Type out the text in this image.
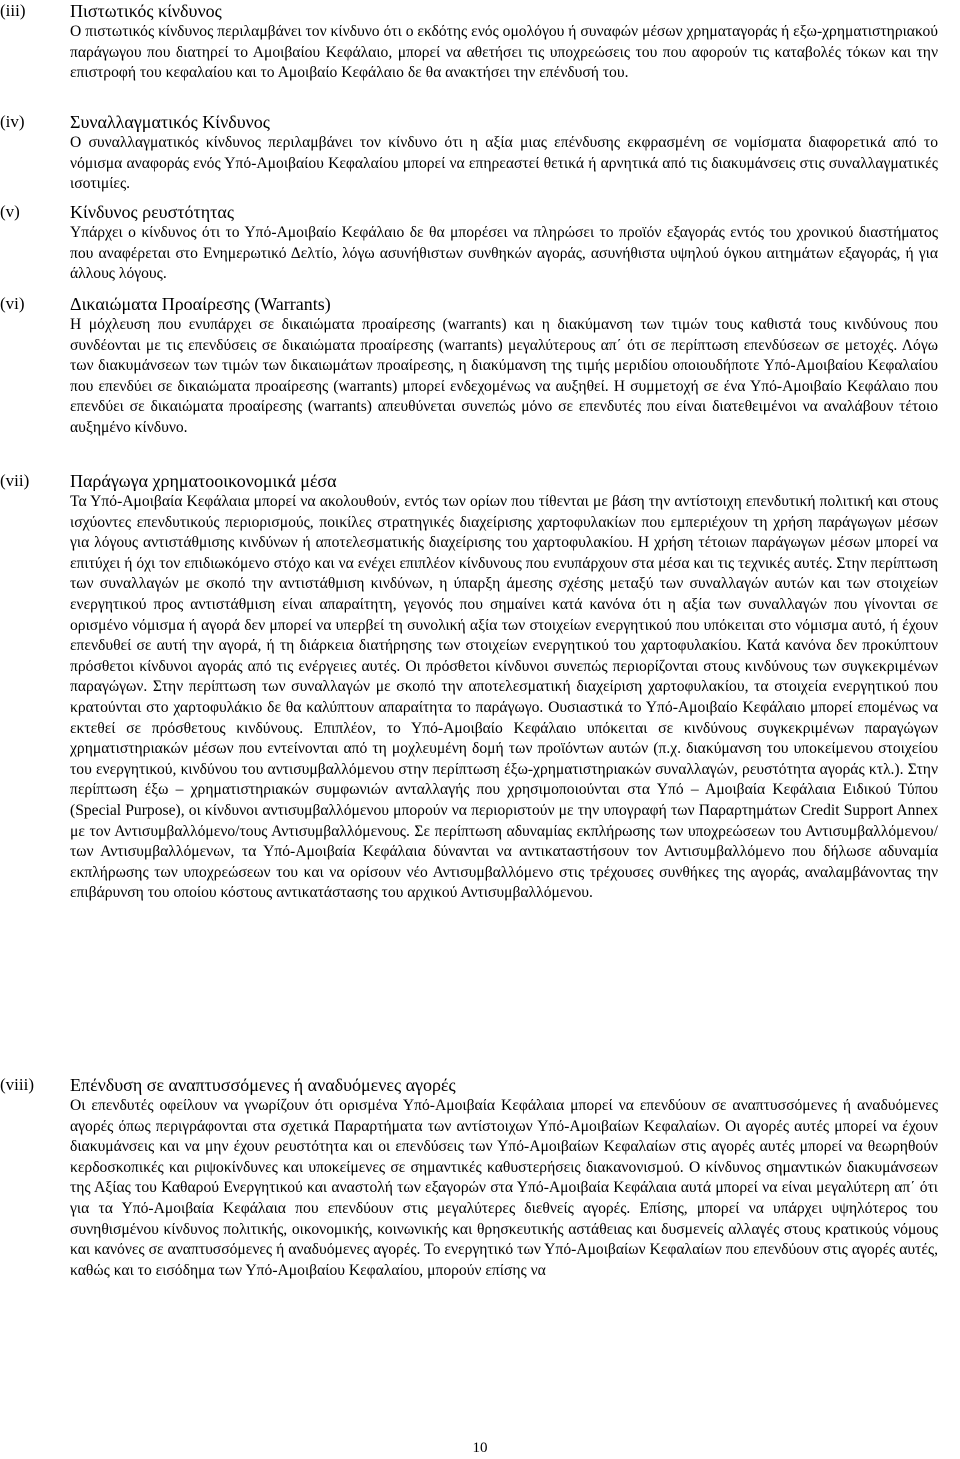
(iii) Πιστωτικός κίνδυνος
Ο πιστωτικός κίνδυνος περιλαμβάνει τον κίνδυνο ότι ο εκδότης ενός ομολόγου ή συναφών μέσων χρηματαγοράς ή εξω-χρηματιστηριακού παράγωγου που διατηρεί το Αμοιβαίου Κεφάλαιο, μπορεί να αθετήσει τις υποχρεώσεις του που αφορούν τις καταβολές τόκων και την επιστροφή του κεφαλαίου και το Αμοιβαίο Κεφάλαιο δε θα ανακτήσει την επένδυσή του.
(iv)	Συναλλαγματικός Κίνδυνος
Ο συναλλαγματικός κίνδυνος περιλαμβάνει τον κίνδυνο ότι η αξία μιας επένδυσης εκφρασμένη σε νομίσματα διαφορετικά από το νόμισμα αναφοράς ενός Υπό-Αμοιβαίου Κεφαλαίου μπορεί να επηρεαστεί θετικά ή αρνητικά από τις διακυμάνσεις στις συναλλαγματικές ισοτιμίες.
(v)	Κίνδυνος ρευστότητας
Υπάρχει ο κίνδυνος ότι το Υπό-Αμοιβαίο Κεφάλαιο δε θα μπορέσει να πληρώσει το προϊόν εξαγοράς εντός του χρονικού διαστήματος που αναφέρεται στο Ενημερωτικό Δελτίο, λόγω ασυνήθιστων συνθηκών αγοράς, ασυνήθιστα υψηλού όγκου αιτημάτων εξαγοράς, ή για άλλους λόγους.
(vi)	Δικαιώματα Προαίρεσης (Warrants)
Η μόχλευση που ενυπάρχει σε δικαιώματα προαίρεσης (warrants) και η διακύμανση των τιμών τους καθιστά τους κινδύνους που συνδέονται με τις επενδύσεις σε δικαιώματα προαίρεσης (warrants) μεγαλύτερους απ΄ ότι σε περίπτωση επενδύσεων σε μετοχές. Λόγω των διακυμάνσεων των τιμών των δικαιωμάτων προαίρεσης, η διακύμανση της τιμής μεριδίου οποιουδήποτε Υπό-Αμοιβαίου Κεφαλαίου που επενδύει σε δικαιώματα προαίρεσης (warrants) μπορεί ενδεχομένως να αυξηθεί. Η συμμετοχή σε ένα Υπό-Αμοιβαίο Κεφάλαιο που επενδύει σε δικαιώματα προαίρεσης (warrants) απευθύνεται συνεπώς μόνο σε επενδυτές που είναι διατεθειμένοι να αναλάβουν τέτοιο αυξημένο κίνδυνο.
(vii) Παράγωγα χρηματοοικονομικά μέσα
Τα Υπό-Αμοιβαία Κεφάλαια μπορεί να ακολουθούν, εντός των ορίων που τίθενται με βάση την αντίστοιχη επενδυτική πολιτική και στους ισχύοντες επενδυτικούς περιορισμούς, ποικίλες στρατηγικές διαχείρισης χαρτοφυλακίων που εμπεριέχουν τη χρήση παράγωγων μέσων για λόγους αντιστάθμισης κινδύνων ή αποτελεσματικής διαχείρισης του χαρτοφυλακίου. Η χρήση τέτοιων παράγωγων μέσων μπορεί να επιτύχει ή όχι τον επιδιωκόμενο στόχο και να ενέχει επιπλέον κίνδυνους που ενυπάρχουν στα μέσα και τις τεχνικές αυτές. Στην περίπτωση των συναλλαγών με σκοπό την αντιστάθμιση κινδύνων, η ύπαρξη άμεσης σχέσης μεταξύ των συναλλαγών αυτών και των στοιχείων ενεργητικού προς αντιστάθμιση είναι απαραίτητη, γεγονός που σημαίνει κατά κανόνα ότι η αξία των συναλλαγών που γίνονται σε ορισμένο νόμισμα ή αγορά δεν μπορεί να υπερβεί τη συνολική αξία των στοιχείων ενεργητικού που υπόκειται στο νόμισμα αυτό, ή έχουν επενδυθεί σε αυτή την αγορά, ή τη διάρκεια διατήρησης των στοιχείων ενεργητικού του χαρτοφυλακίου. Κατά κανόνα δεν προκύπτουν πρόσθετοι κίνδυνοι αγοράς από τις ενέργειες αυτές. Οι πρόσθετοι κίνδυνοι συνεπώς περιορίζονται στους κινδύνους των συγκεκριμένων παραγώγων. Στην περίπτωση των συναλλαγών με σκοπό την αποτελεσματική διαχείριση χαρτοφυλακίου, τα στοιχεία ενεργητικού που κρατούνται στο χαρτοφυλάκιο δε θα καλύπτουν απαραίτητα το παράγωγο. Ουσιαστικά το Υπό-Αμοιβαίο Κεφάλαιο μπορεί επομένως να εκτεθεί σε πρόσθετους κινδύνους. Επιπλέον, το Υπό-Αμοιβαίο Κεφάλαιο υπόκειται σε κινδύνους συγκεκριμένων παραγώγων χρηματιστηριακών μέσων που εντείνονται από τη μοχλευμένη δομή των προϊόντων αυτών (π.χ. διακύμανση του υποκείμενου στοιχείου του ενεργητικού, κινδύνου του αντισυμβαλλόμενου στην περίπτωση έξω-χρηματιστηριακών συναλλαγών, ρευστότητα αγοράς κτλ.). Στην περίπτωση έξω – χρηματιστηριακών συμφωνιών ανταλλαγής που χρησιμοποιούνται στα Υπό – Αμοιβαία Κεφάλαια Ειδικού Τύπου (Special Purpose), οι κίνδυνοι αντισυμβαλλόμενου μπορούν να περιοριστούν με την υπογραφή των Παραρτημάτων Credit Support Annex με τον Αντισυμβαλλόμενο/τους Αντισυμβαλλόμενους. Σε περίπτωση αδυναμίας εκπλήρωσης των υποχρεώσεων του Αντισυμβαλλόμενου/των Αντισυμβαλλόμενων, τα Υπό-Αμοιβαία Κεφάλαια δύνανται να αντικαταστήσουν τον Αντισυμβαλλόμενο που δήλωσε αδυναμία εκπλήρωσης των υποχρεώσεων του και να ορίσουν νέο Αντισυμβαλλόμενο στις τρέχουσες συνθήκες της αγοράς, αναλαμβάνοντας την επιβάρυνση του οποίου κόστους αντικατάστασης του αρχικού Αντισυμβαλλόμενου.
(viii) Επένδυση σε αναπτυσσόμενες ή αναδυόμενες αγορές
Οι επενδυτές οφείλουν να γνωρίζουν ότι ορισμένα Υπό-Αμοιβαία Κεφάλαια μπορεί να επενδύουν σε αναπτυσσόμενες ή αναδυόμενες αγορές όπως περιγράφονται στα σχετικά Παραρτήματα των αντίστοιχων Υπό-Αμοιβαίων Κεφαλαίων. Οι αγορές αυτές μπορεί να έχουν διακυμάνσεις και να μην έχουν ρευστότητα και οι επενδύσεις των Υπό-Αμοιβαίων Κεφαλαίων στις αγορές αυτές μπορεί να θεωρηθούν κερδοσκοπικές και ριψοκίνδυνες και υποκείμενες σε σημαντικές καθυστερήσεις διακανονισμού. Ο κίνδυνος σημαντικών διακυμάνσεων της Αξίας του Καθαρού Ενεργητικού και αναστολή των εξαγορών στα Υπό-Αμοιβαία Κεφάλαια αυτά μπορεί να είναι μεγαλύτερη απ΄ ότι για τα Υπό-Αμοιβαία Κεφάλαια που επενδύουν στις μεγαλύτερες διεθνείς αγορές. Επίσης, μπορεί να υπάρχει υψηλότερος του συνηθισμένου κίνδυνος πολιτικής, οικονομικής, κοινωνικής και θρησκευτικής αστάθειας και δυσμενείς αλλαγές στους κρατικούς νόμους και κανόνες σε αναπτυσσόμενες ή αναδυόμενες αγορές. Το ενεργητικό των Υπό-Αμοιβαίων Κεφαλαίων που επενδύουν στις αγορές αυτές, καθώς και το εισόδημα των Υπό-Αμοιβαίου Κεφαλαίου, μπορούν επίσης να
10
